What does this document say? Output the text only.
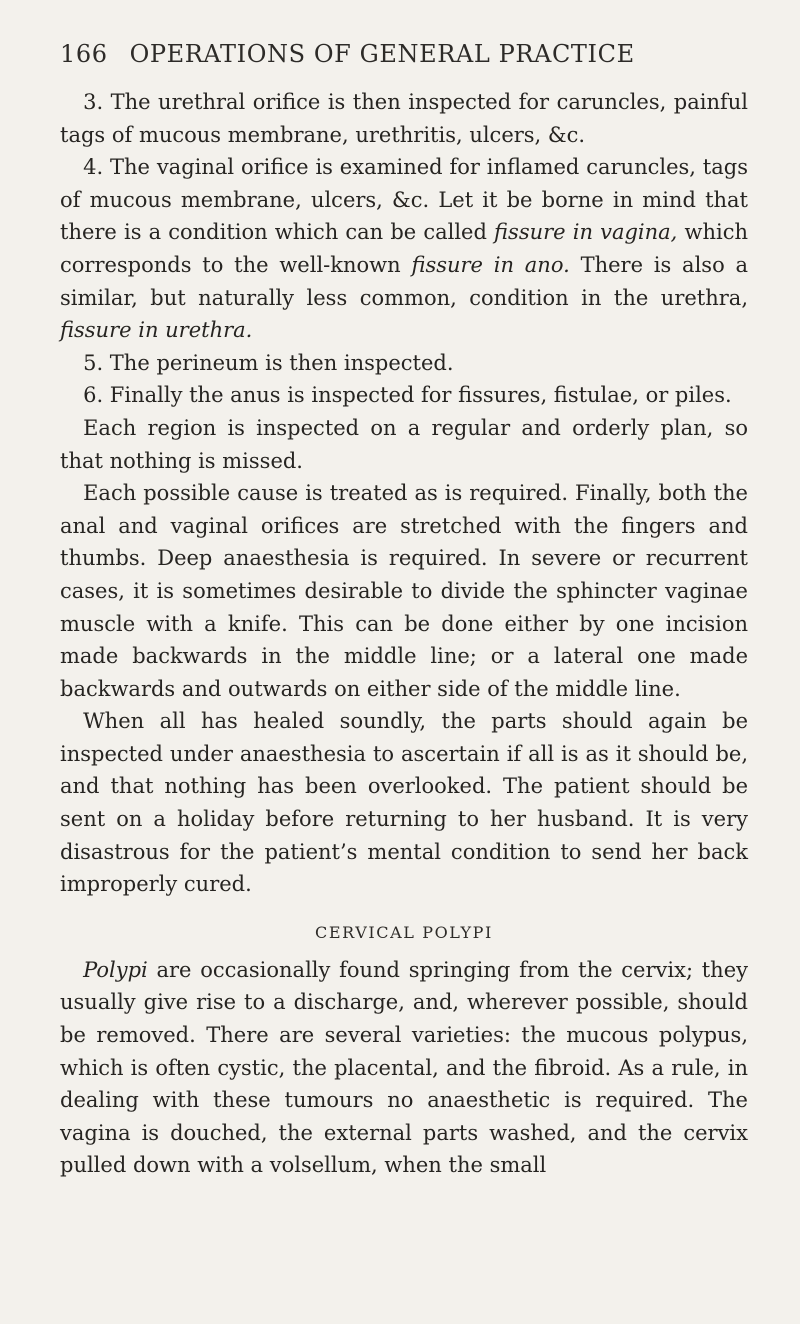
166 OPERATIONS OF GENERAL PRACTICE

3. The urethral orifice is then inspected for caruncles, painful tags of mucous membrane, urethritis, ulcers, &c.

4. The vaginal orifice is examined for inflamed caruncles, tags of mucous membrane, ulcers, &c. Let it be borne in mind that there is a condition which can be called fissure in vagina, which corresponds to the well-known fissure in ano. There is also a similar, but naturally less common, condition in the urethra, fissure in urethra.

5. The perineum is then inspected.

6. Finally the anus is inspected for fissures, fistulae, or piles.

Each region is inspected on a regular and orderly plan, so that nothing is missed.

Each possible cause is treated as is required. Finally, both the anal and vaginal orifices are stretched with the fingers and thumbs. Deep anaesthesia is required. In severe or recurrent cases, it is sometimes desirable to divide the sphincter vaginae muscle with a knife. This can be done either by one incision made backwards in the middle line; or a lateral one made backwards and outwards on either side of the middle line.

When all has healed soundly, the parts should again be inspected under anaesthesia to ascertain if all is as it should be, and that nothing has been overlooked. The patient should be sent on a holiday before returning to her husband. It is very disastrous for the patient’s mental condition to send her back improperly cured.

CERVICAL POLYPI

Polypi are occasionally found springing from the cervix; they usually give rise to a discharge, and, wherever possible, should be removed. There are several varieties: the mucous polypus, which is often cystic, the placental, and the fibroid. As a rule, in dealing with these tumours no anaesthetic is required. The vagina is douched, the external parts washed, and the cervix pulled down with a volsellum, when the small
